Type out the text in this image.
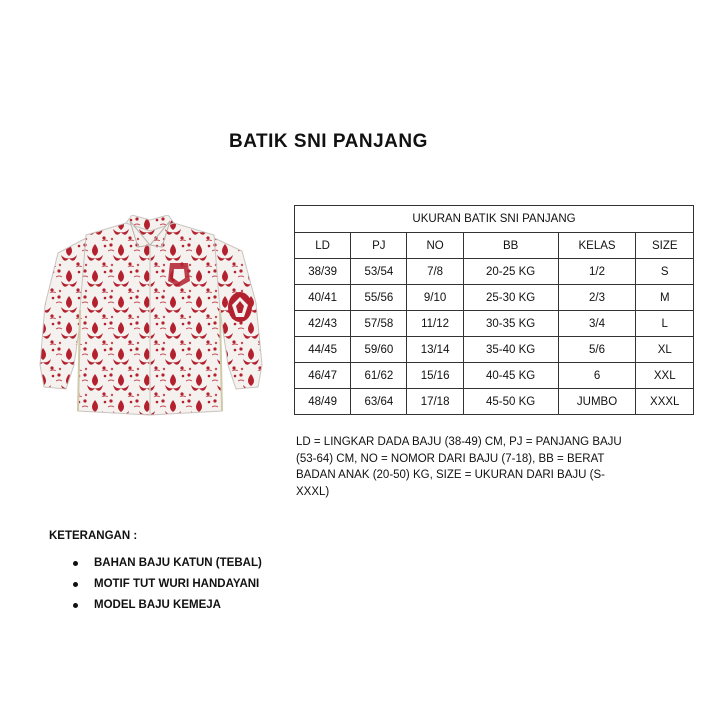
BATIK SNI PANJANG
UKURAN BATIK SNI PANJANG					
LD	PJ	NO	BB	KELAS	SIZE
38/39	53/54	7/8	20-25 KG	1/2	S
40/41	55/56	9/10	25-30 KG	2/3	M
42/43	57/58	11/12	30-35 KG	3/4	L
44/45	59/60	13/14	35-40 KG	5/6	XL
46/47	61/62	15/16	40-45 KG	6	XXL
48/49	63/64	17/18	45-50 KG	JUMBO	XXXL
LD = LINGKAR DADA BAJU (38-49) CM, PJ = PANJANG BAJU (53-64) CM, NO = NOMOR DARI BAJU (7-18), BB = BERAT BADAN ANAK (20-50) KG, SIZE = UKURAN DARI BAJU (S-XXXL)
KETERANGAN :
BAHAN BAJU KATUN (TEBAL)
MOTIF TUT WURI HANDAYANI
MODEL BAJU KEMEJA
